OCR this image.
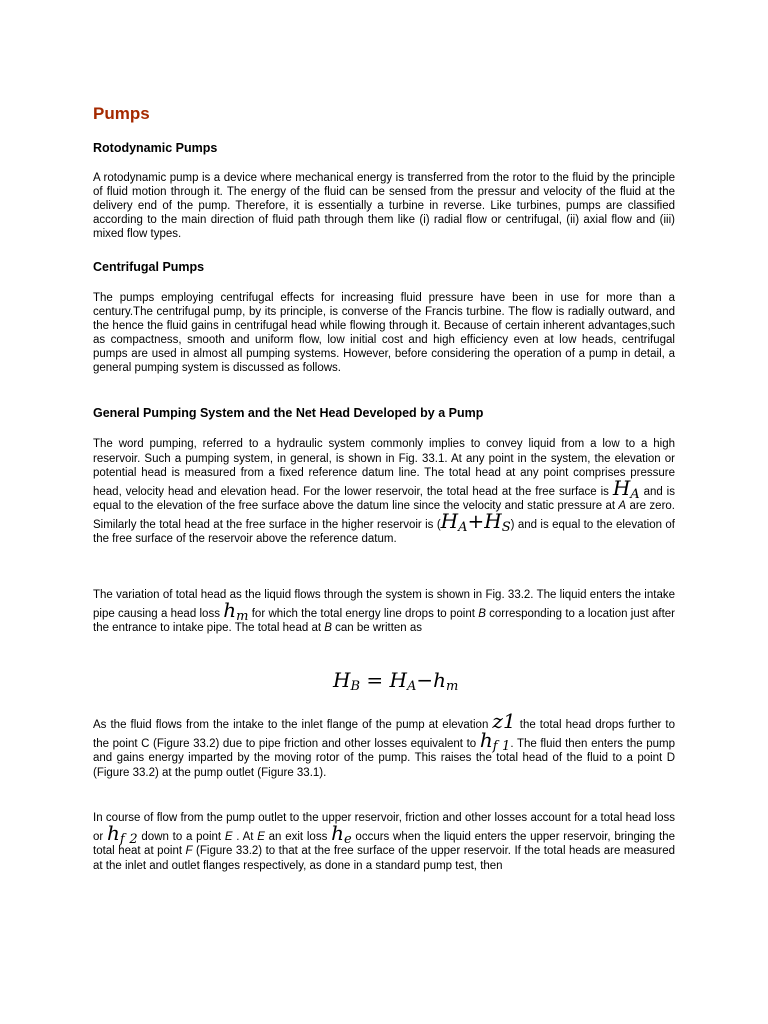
Pumps
Rotodynamic Pumps

A rotodynamic pump is a device where mechanical energy is transferred from the rotor to the fluid by the principle of fluid motion through it. The energy of the fluid can be sensed from the pressur and velocity of the fluid at the delivery end of the pump. Therefore, it is essentially a turbine in reverse. Like turbines, pumps are classified according to the main direction of fluid path through them like (i) radial flow or centrifugal, (ii) axial flow and (iii) mixed flow types.

Centrifugal Pumps

The pumps employing centrifugal effects for increasing fluid pressure have been in use for more than a century.The centrifugal pump, by its principle, is converse of the Francis turbine. The flow is radially outward, and the hence the fluid gains in centrifugal head while flowing through it. Because of certain inherent advantages,such as compactness, smooth and uniform flow, low initial cost and high efficiency even at low heads, centrifugal pumps are used in almost all pumping systems. However, before considering the operation of a pump in detail, a general pumping system is discussed as follows.

General Pumping System and the Net Head Developed by a Pump

The word pumping, referred to a hydraulic system commonly implies to convey liquid from a low to a high reservoir. Such a pumping system, in general, is shown in Fig. 33.1. At any point in the system, the elevation or potential head is measured from a fixed reference datum line. The total head at any point comprises pressure head, velocity head and elevation head. For the lower reservoir, the total head at the free surface is HA and is equal to the elevation of the free surface above the datum line since the velocity and static pressure at A are zero. Similarly the total head at the free surface in the higher reservoir is (HA+HS) and is equal to the elevation of the free surface of the reservoir above the reference datum.

The variation of total head as the liquid flows through the system is shown in Fig. 33.2. The liquid enters the intake pipe causing a head loss hm for which the total energy line drops to point B corresponding to a location just after the entrance to intake pipe. The total head at B can be written as

HB = HA−hm

As the fluid flows from the intake to the inlet flange of the pump at elevation z1 the total head drops further to the point C (Figure 33.2) due to pipe friction and other losses equivalent to hf 1. The fluid then enters the pump and gains energy imparted by the moving rotor of the pump. This raises the total head of the fluid to a point D (Figure 33.2) at the pump outlet (Figure 33.1).

In course of flow from the pump outlet to the upper reservoir, friction and other losses account for a total head loss or hf 2 down to a point E . At E an exit loss he occurs when the liquid enters the upper reservoir, bringing the total heat at point F (Figure 33.2) to that at the free surface of the upper reservoir. If the total heads are measured at the inlet and outlet flanges respectively, as done in a standard pump test, then
